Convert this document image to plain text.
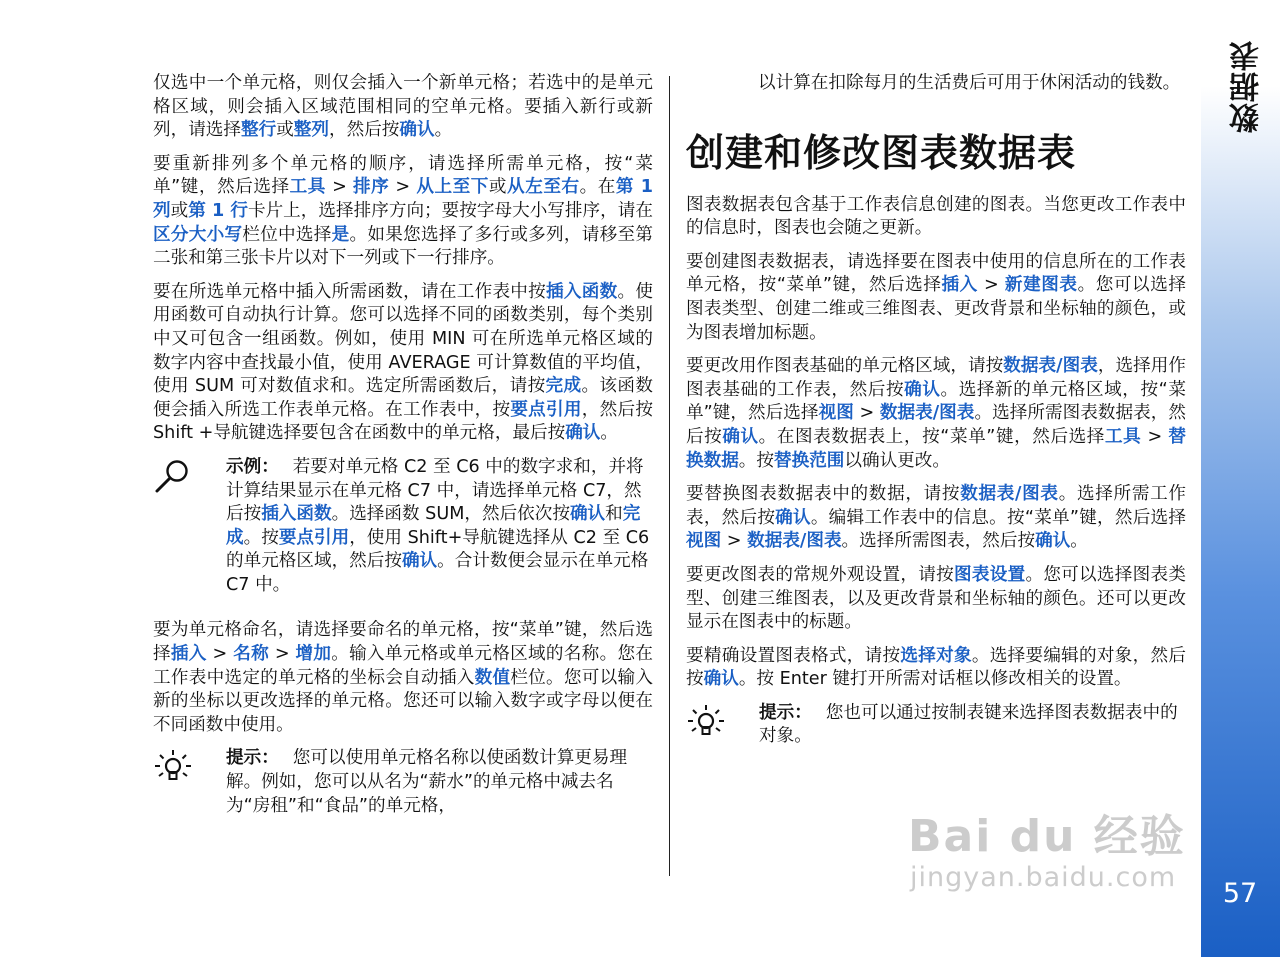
仅选中一个单元格，则仅会插入一个新单元格；若选中的是单元格区域，则会插入区域范围相同的空单元格。要插入新行或新列，请选择整行或整列，然后按确认。

要重新排列多个单元格的顺序，请选择所需单元格，按“菜单”键，然后选择工具 > 排序 > 从上至下或从左至右。在第 1 列或第 1 行卡片上，选择排序方向；要按字母大小写排序，请在区分大小写栏位中选择是。如果您选择了多行或多列，请移至第二张和第三张卡片以对下一列或下一行排序。

要在所选单元格中插入所需函数，请在工作表中按插入函数。使用函数可自动执行计算。您可以选择不同的函数类别，每个类别中又可包含一组函数。例如，使用 MIN 可在所选单元格区域的数字内容中查找最小值，使用 AVERAGE 可计算数值的平均值，使用 SUM 可对数值求和。选定所需函数后，请按完成。该函数便会插入所选工作表单元格。在工作表中，按要点引用，然后按 Shift +导航键选择要包含在函数中的单元格，最后按确认。

示例： 若要对单元格 C2 至 C6 中的数字求和，并将计算结果显示在单元格 C7 中，请选择单元格 C7，然后按插入函数。选择函数 SUM，然后依次按确认和完成。按要点引用，使用 Shift+导航键选择从 C2 至 C6 的单元格区域，然后按确认。合计数便会显示在单元格 C7 中。

要为单元格命名，请选择要命名的单元格，按“菜单”键，然后选择插入 > 名称 > 增加。输入单元格或单元格区域的名称。您在工作表中选定的单元格的坐标会自动插入数值栏位。您可以输入新的坐标以更改选择的单元格。您还可以输入数字或字母以便在不同函数中使用。

提示： 您可以使用单元格名称以使函数计算更易理解。例如，您可以从名为“薪水”的单元格中减去名为“房租”和“食品”的单元格，

以计算在扣除每月的生活费后可用于休闲活动的钱数。

创建和修改图表数据表

图表数据表包含基于工作表信息创建的图表。当您更改工作表中的信息时，图表也会随之更新。

要创建图表数据表，请选择要在图表中使用的信息所在的工作表单元格，按“菜单”键，然后选择插入 > 新建图表。您可以选择图表类型、创建二维或三维图表、更改背景和坐标轴的颜色，或为图表增加标题。

要更改用作图表基础的单元格区域，请按数据表/图表，选择用作图表基础的工作表，然后按确认。选择新的单元格区域，按“菜单”键，然后选择视图 > 数据表/图表。选择所需图表数据表，然后按确认。在图表数据表上，按“菜单”键，然后选择工具 > 替换数据。按替换范围以确认更改。

要替换图表数据表中的数据，请按数据表/图表。选择所需工作表，然后按确认。编辑工作表中的信息。按“菜单”键，然后选择视图 > 数据表/图表。选择所需图表，然后按确认。

要更改图表的常规外观设置，请按图表设置。您可以选择图表类型、创建三维图表，以及更改背景和坐标轴的颜色。还可以更改显示在图表中的标题。

要精确设置图表格式，请按选择对象。选择要编辑的对象，然后按确认。按 Enter 键打开所需对话框以修改相关的设置。

提示： 您也可以通过按制表键来选择图表数据表中的对象。
数据表
57
Bai du 经验
jingyan.baidu.com
